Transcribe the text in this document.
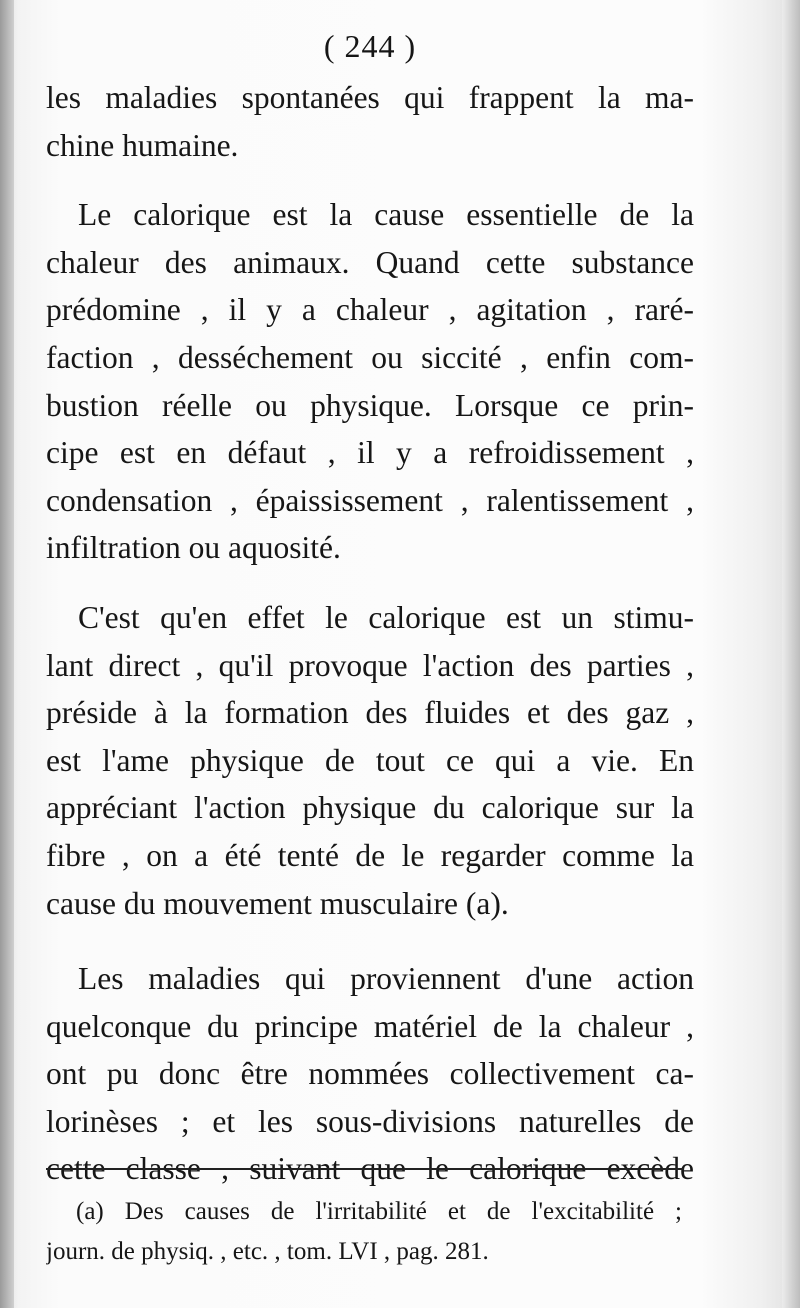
( 244 )
les maladies spontanées qui frappent la ma-
chine humaine.
Le calorique est la cause essentielle de la
chaleur des animaux. Quand cette substance
prédomine , il y a chaleur , agitation , raré-
faction , desséchement ou siccité , enfin com-
bustion réelle ou physique. Lorsque ce prin-
cipe est en défaut , il y a refroidissement ,
condensation , épaississement , ralentissement ,
infiltration ou aquosité.
C'est qu'en effet le calorique est un stimu-
lant direct , qu'il provoque l'action des parties ,
préside à la formation des fluides et des gaz ,
est l'ame physique de tout ce qui a vie. En
appréciant l'action physique du calorique sur la
fibre , on a été tenté de le regarder comme la
cause du mouvement musculaire (a).
Les maladies qui proviennent d'une action
quelconque du principe matériel de la chaleur ,
ont pu donc être nommées collectivement ca-
lorinèses ; et les sous-divisions naturelles de
cette classe , suivant que le calorique excède
(a) Des causes de l'irritabilité et de l'excitabilité ;
journ. de physiq. , etc. , tom. LVI , pag. 281.
